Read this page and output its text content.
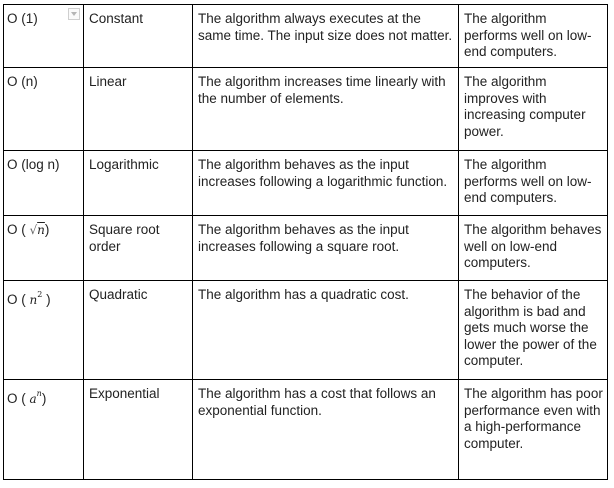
O (1)	Constant	The algorithm always executes at the same time. The input size does not matter.	The algorithm performs well on low-end computers.
O (n)	Linear	The algorithm increases time linearly with the number of elements.	The algorithm improves with increasing computer power.
O (log n)	Logarithmic	The algorithm behaves as the input increases following a logarithmic function.	The algorithm performs well on low-end computers.
O ( √n)	Square root order	The algorithm behaves as the input increases following a square root.	The algorithm behaves well on low-end computers.
O ( $n^2$ )	Quadratic	The algorithm has a quadratic cost.	The behavior of the algorithm is bad and gets much worse the lower the power of the computer.
O ( $a^n$)	Exponential	The algorithm has a cost that follows an exponential function.	The algorithm has poor performance even with a high-performance computer.
